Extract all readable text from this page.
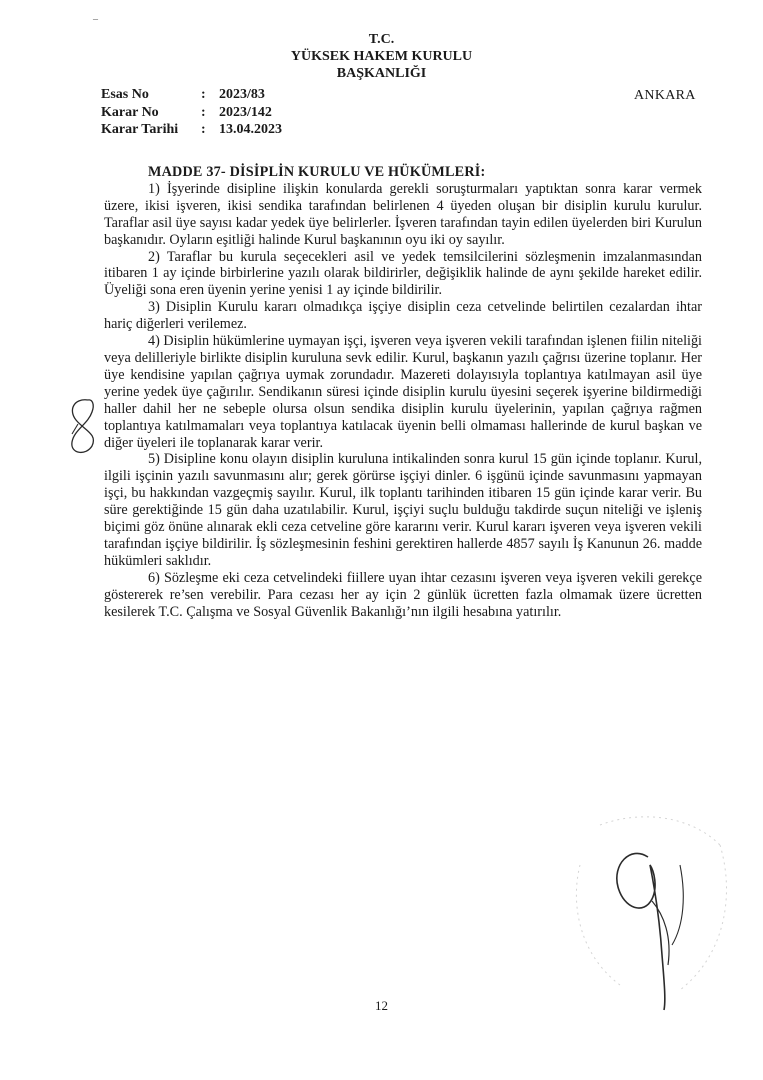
–
T.C.
YÜKSEK HAKEM KURULU
BAŞKANLIĞI
Esas No	: 2023/83
Karar No	: 2023/142
Karar Tarihi	: 13.04.2023
ANKARA

MADDE 37- DİSİPLİN KURULU VE HÜKÜMLERİ:

1) İşyerinde disipline ilişkin konularda gerekli soruşturmaları yaptıktan sonra karar vermek üzere, ikisi işveren, ikisi sendika tarafından belirlenen 4 üyeden oluşan bir disiplin kurulu kurulur. Taraflar asil üye sayısı kadar yedek üye belirlerler. İşveren tarafından tayin edilen üyelerden biri Kurulun başkanıdır. Oyların eşitliği halinde Kurul başkanının oyu iki oy sayılır.

2) Taraflar bu kurula seçecekleri asil ve yedek temsilcilerini sözleşmenin imzalanmasından itibaren 1 ay içinde birbirlerine yazılı olarak bildirirler, değişiklik halinde de aynı şekilde hareket edilir. Üyeliği sona eren üyenin yerine yenisi 1 ay içinde bildirilir.

3) Disiplin Kurulu kararı olmadıkça işçiye disiplin ceza cetvelinde belirtilen cezalardan ihtar hariç diğerleri verilemez.

4) Disiplin hükümlerine uymayan işçi, işveren veya işveren vekili tarafından işlenen fiilin niteliği veya delilleriyle birlikte disiplin kuruluna sevk edilir. Kurul, başkanın yazılı çağrısı üzerine toplanır. Her üye kendisine yapılan çağrıya uymak zorundadır. Mazereti dolayısıyla toplantıya katılmayan asil üye yerine yedek üye çağırılır. Sendikanın süresi içinde disiplin kurulu üyesini seçerek işyerine bildirmediği haller dahil her ne sebeple olursa olsun sendika disiplin kurulu üyelerinin, yapılan çağrıya rağmen toplantıya katılmamaları veya toplantıya katılacak üyenin belli olmaması hallerinde de kurul başkan ve diğer üyeleri ile toplanarak karar verir.

5) Disipline konu olayın disiplin kuruluna intikalinden sonra kurul 15 gün içinde toplanır. Kurul, ilgili işçinin yazılı savunmasını alır; gerek görürse işçiyi dinler. 6 işgünü içinde savunmasını yapmayan işçi, bu hakkından vazgeçmiş sayılır. Kurul, ilk toplantı tarihinden itibaren 15 gün içinde karar verir. Bu süre gerektiğinde 15 gün daha uzatılabilir. Kurul, işçiyi suçlu bulduğu takdirde suçun niteliği ve işleniş biçimi göz önüne alınarak ekli ceza cetveline göre kararını verir. Kurul kararı işveren veya işveren vekili tarafından işçiye bildirilir. İş sözleşmesinin feshini gerektiren hallerde 4857 sayılı İş Kanunun 26. madde hükümleri saklıdır.

6) Sözleşme eki ceza cetvelindeki fiillere uyan ihtar cezasını işveren veya işveren vekili gerekçe göstererek re’sen verebilir. Para cezası her ay için 2 günlük ücretten fazla olmamak üzere ücretten kesilerek T.C. Çalışma ve Sosyal Güvenlik Bakanlığı’nın ilgili hesabına yatırılır.

12
